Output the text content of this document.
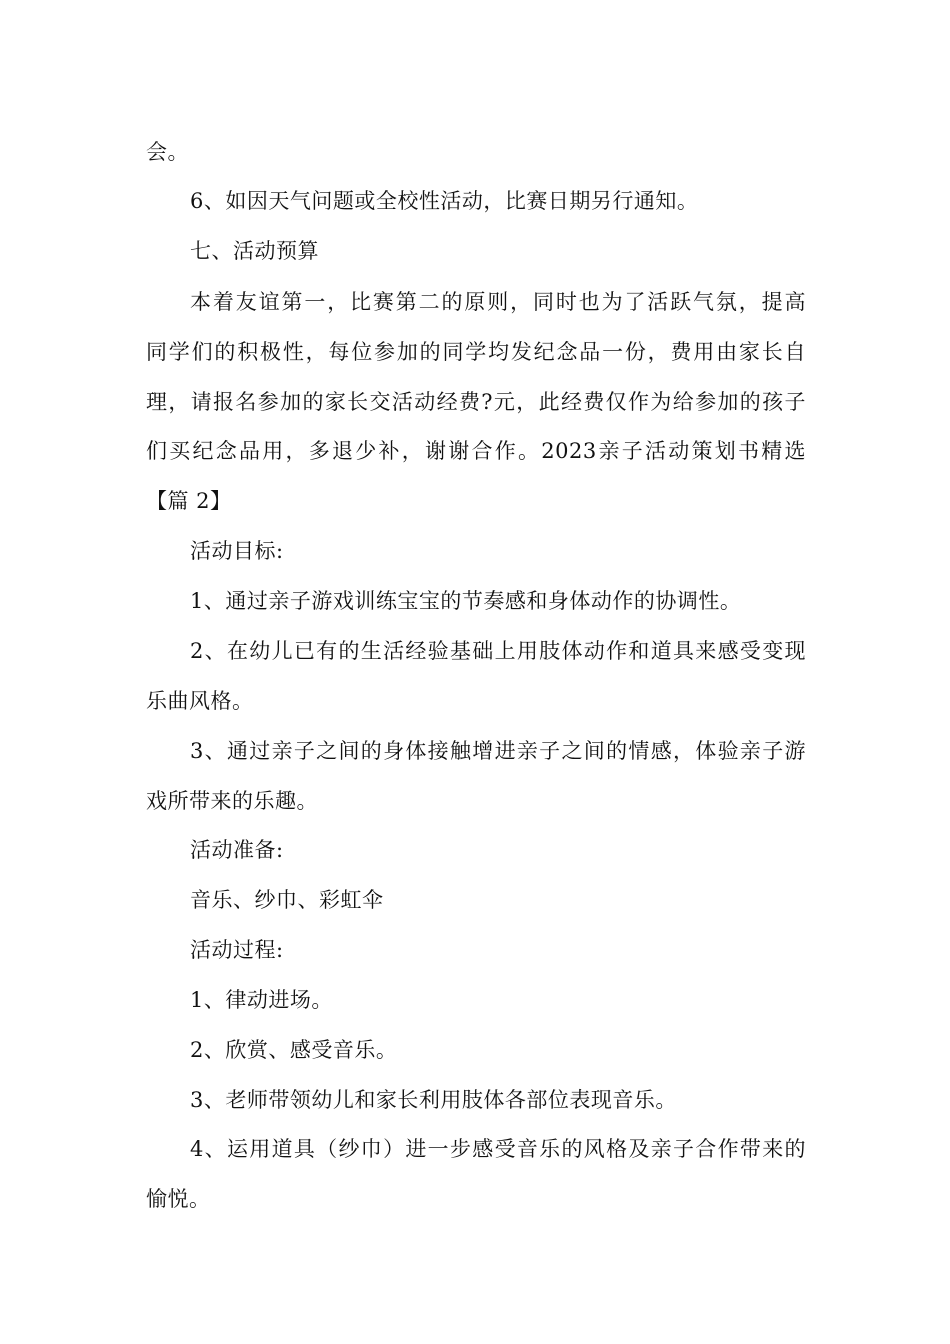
会。
6、如因天气问题或全校性活动，比赛日期另行通知。
七、活动预算
本着友谊第一，比赛第二的原则，同时也为了活跃气氛，提高
同学们的积极性，每位参加的同学均发纪念品一份，费用由家长自
理，请报名参加的家长交活动经费?元，此经费仅作为给参加的孩子
们买纪念品用，多退少补，谢谢合作。2023亲子活动策划书精选
【篇 2】
活动目标:
1、通过亲子游戏训练宝宝的节奏感和身体动作的协调性。
2、在幼儿已有的生活经验基础上用肢体动作和道具来感受变现
乐曲风格。
3、通过亲子之间的身体接触增进亲子之间的情感，体验亲子游
戏所带来的乐趣。
活动准备:
音乐、纱巾、彩虹伞
活动过程:
1、律动进场。
2、欣赏、感受音乐。
3、老师带领幼儿和家长利用肢体各部位表现音乐。
4、运用道具（纱巾）进一步感受音乐的风格及亲子合作带来的
愉悦。
